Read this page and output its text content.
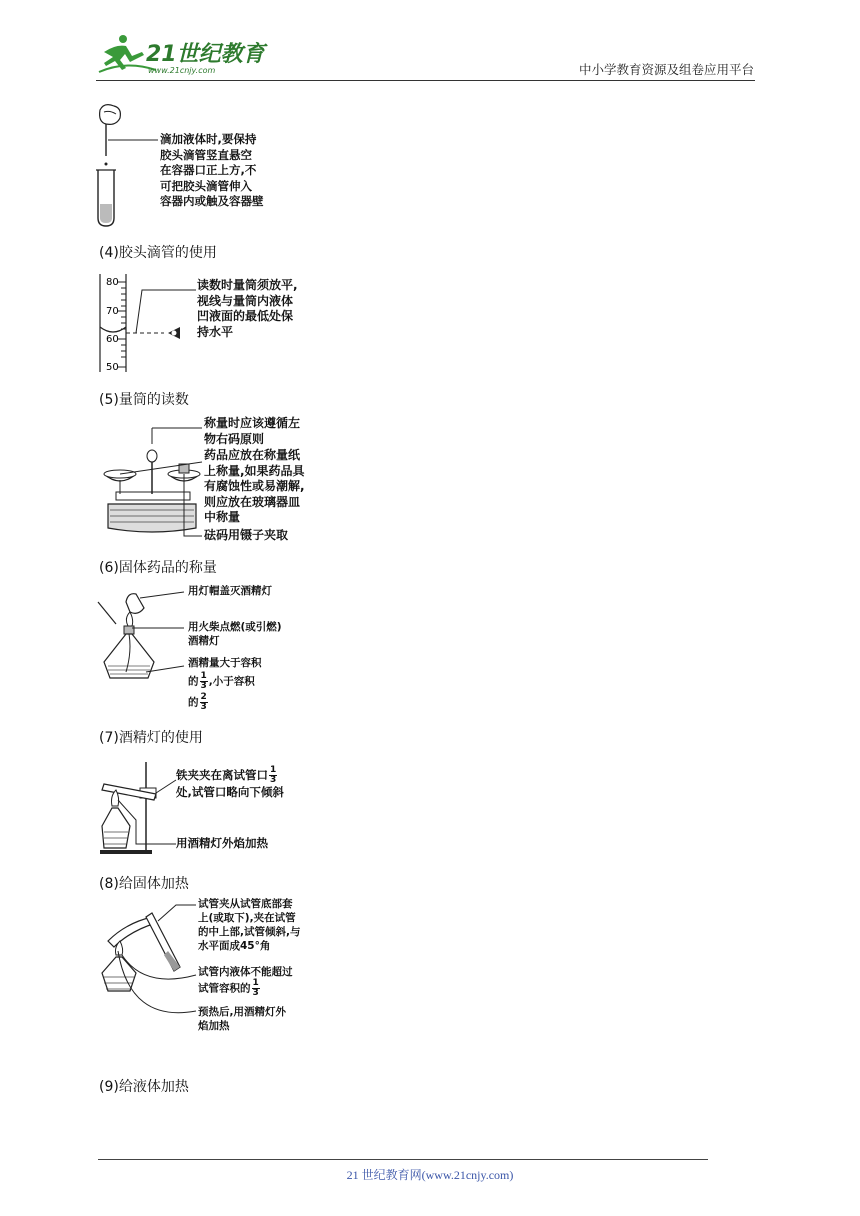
21世纪教育
www.21cnjy.com	中小学教育资源及组卷应用平台
滴加液体时,要保持
胶头滴管竖直悬空
在容器口正上方,不
可把胶头滴管伸入
容器内或触及容器壁
(4)胶头滴管的使用
80
70
60
50
读数时量筒须放平,
视线与量筒内液体
凹液面的最低处保
持水平
(5)量筒的读数
称量时应该遵循左
物右码原则
药品应放在称量纸
上称量,如果药品具
有腐蚀性或易潮解,
则应放在玻璃器皿
中称量
砝码用镊子夹取
(6)固体药品的称量
用灯帽盖灭酒精灯
用火柴点燃(或引燃)
酒精灯
酒精量大于容积
的 $\frac{1}{3}$ ,小于容积
的 $\frac{2}{3}$
(7)酒精灯的使用
铁夹夹在离试管口 $\frac{1}{3}$
处,试管口略向下倾斜
用酒精灯外焰加热
(8)给固体加热
试管夹从试管底部套
上(或取下),夹在试管
的中上部,试管倾斜,与
水平面成45°角
试管内液体不能超过
试管容积的 $\frac{1}{3}$
预热后,用酒精灯外
焰加热
(9)给液体加热
21 世纪教育网(www.21cnjy.com)
